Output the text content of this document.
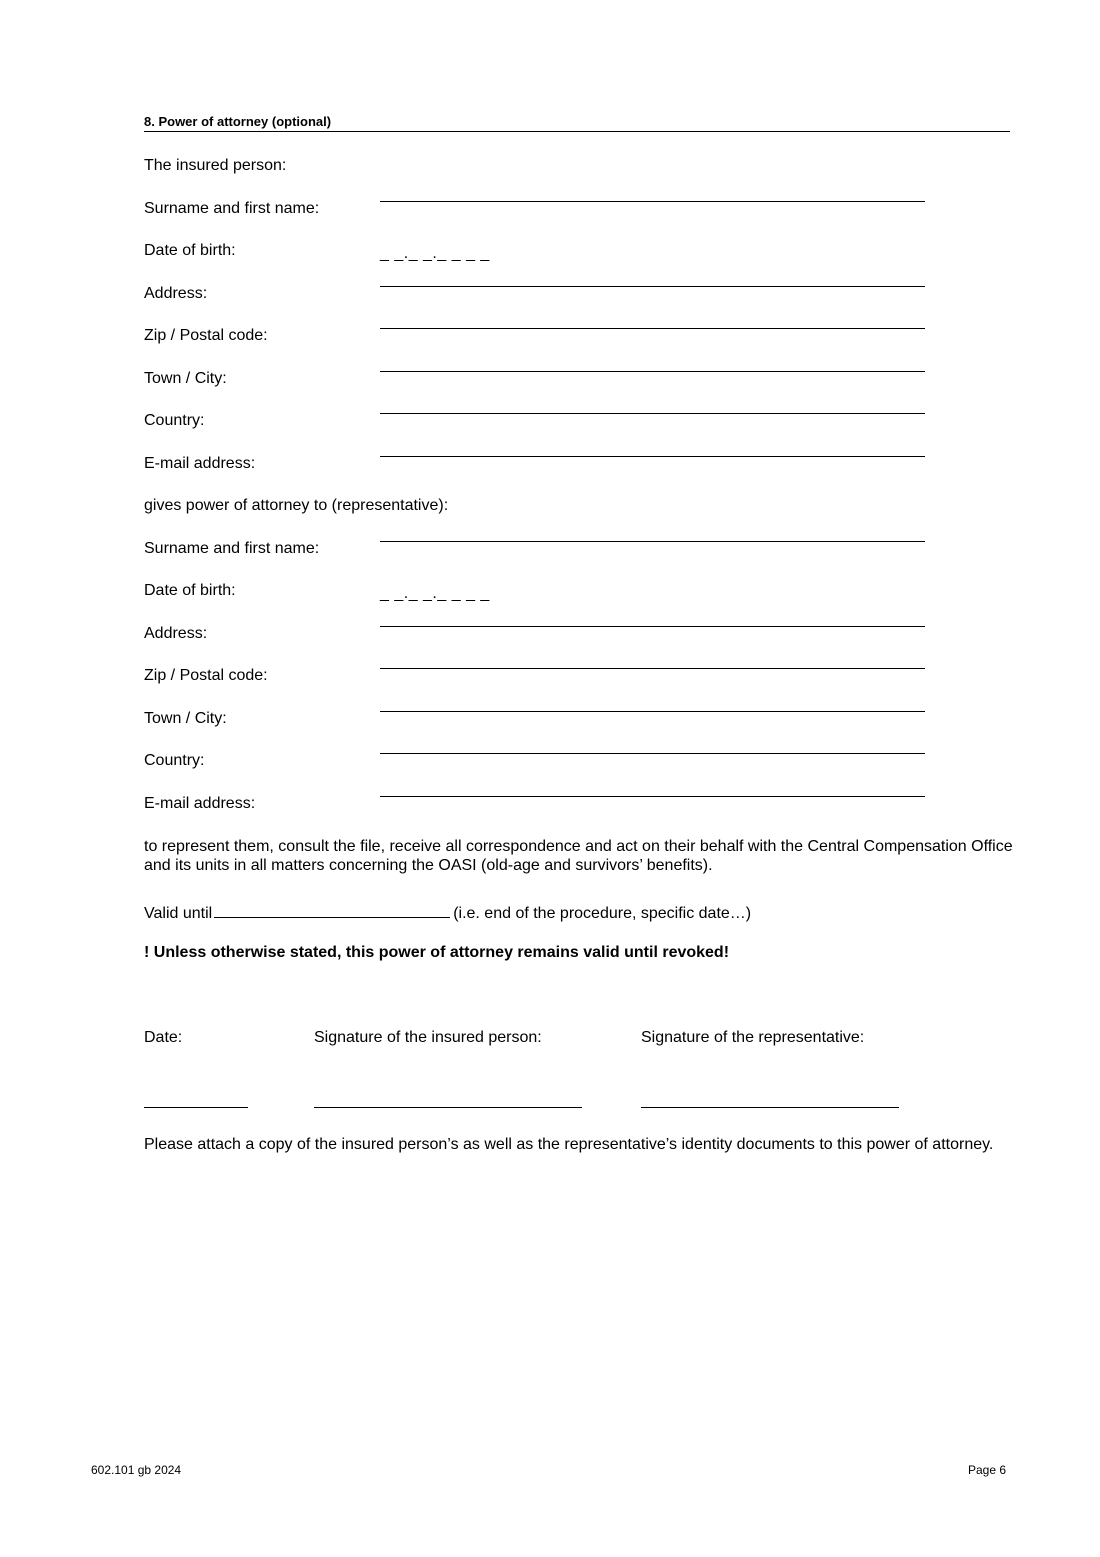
8. Power of attorney (optional)
The insured person:
Surname and first name:
Date of birth:	_ _._ _._ _ _ _
Address:
Zip / Postal code:
Town / City:
Country:
E-mail address:
gives power of attorney to (representative):
Surname and first name:
Date of birth:	_ _._ _._ _ _ _
Address:
Zip / Postal code:
Town / City:
Country:
E-mail address:
to represent them, consult the file, receive all correspondence and act on their behalf with the Central Compensation Office and its units in all matters concerning the OASI (old-age and survivors’ benefits).
Valid until	(i.e. end of the procedure, specific date…)
! Unless otherwise stated, this power of attorney remains valid until revoked!
Date:	Signature of the insured person:	Signature of the representative:
Please attach a copy of the insured person’s as well as the representative’s identity documents to this power of attorney.
602.101 gb 2024	Page 6
